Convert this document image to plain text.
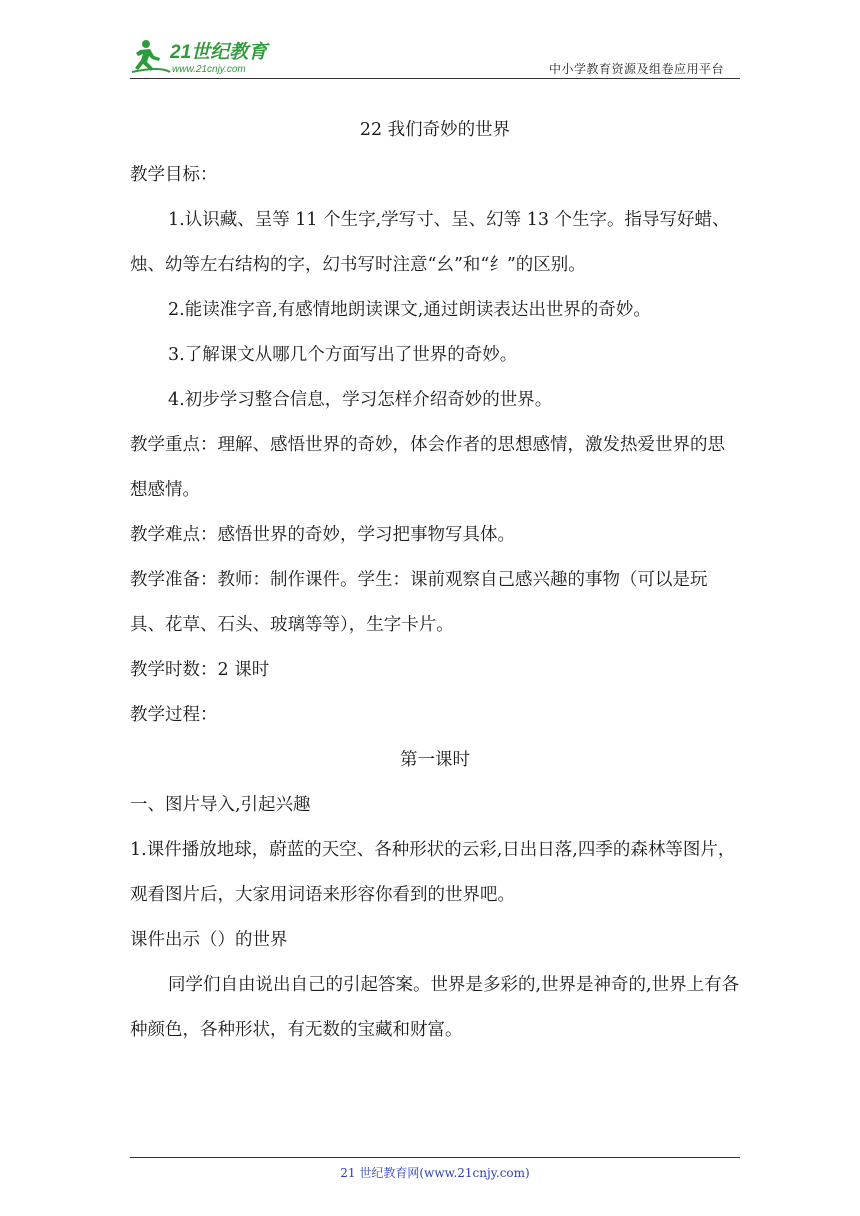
21世纪教育
www.21cnjy.com	中小学教育资源及组卷应用平台

22 我们奇妙的世界

教学目标：

1.认识藏、呈等 11 个生字,学写寸、呈、幻等 13 个生字。指导写好蜡、烛、幼等左右结构的字，幻书写时注意“幺”和“纟”的区别。

2.能读准字音,有感情地朗读课文,通过朗读表达出世界的奇妙。

3.了解课文从哪几个方面写出了世界的奇妙。

4.初步学习整合信息，学习怎样介绍奇妙的世界。

教学重点：理解、感悟世界的奇妙，体会作者的思想感情，激发热爱世界的思想感情。

教学难点：感悟世界的奇妙，学习把事物写具体。

教学准备：教师：制作课件。学生：课前观察自己感兴趣的事物（可以是玩具、花草、石头、玻璃等等），生字卡片。

教学时数：2 课时

教学过程：

第一课时

一、图片导入,引起兴趣

1.课件播放地球，蔚蓝的天空、各种形状的云彩,日出日落,四季的森林等图片，观看图片后，大家用词语来形容你看到的世界吧。

课件出示（）的世界

同学们自由说出自己的引起答案。世界是多彩的,世界是神奇的,世界上有各种颜色，各种形状，有无数的宝藏和财富。

21 世纪教育网(www.21cnjy.com)
